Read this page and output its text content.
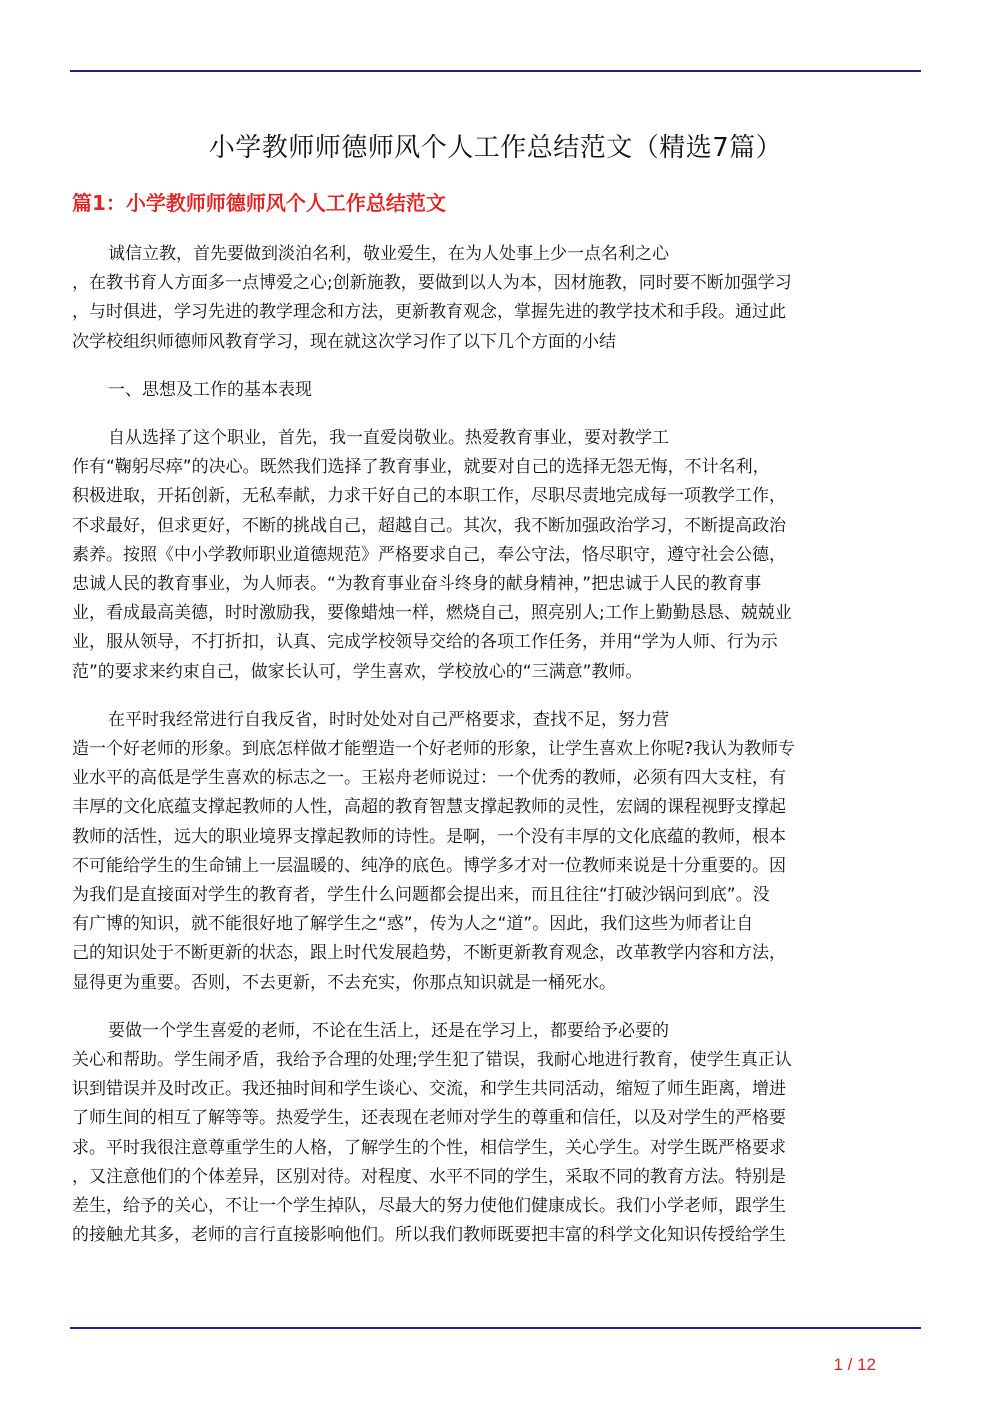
小学教师师德师风个人工作总结范文（精选7篇）
篇1：小学教师师德师风个人工作总结范文

诚信立教，首先要做到淡泊名利，敬业爱生，在为人处事上少一点名利之心
，在教书育人方面多一点博爱之心;创新施教，要做到以人为本，因材施教，同时要不断加强学习
，与时俱进，学习先进的教学理念和方法，更新教育观念，掌握先进的教学技术和手段。通过此
次学校组织师德师风教育学习，现在就这次学习作了以下几个方面的小结

一、思想及工作的基本表现

自从选择了这个职业，首先，我一直爱岗敬业。热爱教育事业，要对教学工
作有“鞠躬尽瘁”的决心。既然我们选择了教育事业，就要对自己的选择无怨无悔，不计名利，
积极进取，开拓创新，无私奉献，力求干好自己的本职工作，尽职尽责地完成每一项教学工作，
不求最好，但求更好，不断的挑战自己，超越自己。其次，我不断加强政治学习，不断提高政治
素养。按照《中小学教师职业道德规范》严格要求自己，奉公守法，恪尽职守，遵守社会公德，
忠诚人民的教育事业，为人师表。“为教育事业奋斗终身的献身精神，”把忠诚于人民的教育事
业，看成最高美德，时时激励我，要像蜡烛一样，燃烧自己，照亮别人;工作上勤勤恳恳、兢兢业
业，服从领导，不打折扣，认真、完成学校领导交给的各项工作任务，并用“学为人师、行为示
范”的要求来约束自己，做家长认可，学生喜欢，学校放心的“三满意”教师。

在平时我经常进行自我反省，时时处处对自己严格要求，查找不足，努力营
造一个好老师的形象。到底怎样做才能塑造一个好老师的形象，让学生喜欢上你呢?我认为教师专
业水平的高低是学生喜欢的标志之一。王崧舟老师说过：一个优秀的教师，必须有四大支柱，有
丰厚的文化底蕴支撑起教师的人性，高超的教育智慧支撑起教师的灵性，宏阔的课程视野支撑起
教师的活性，远大的职业境界支撑起教师的诗性。是啊，一个没有丰厚的文化底蕴的教师，根本
不可能给学生的生命铺上一层温暖的、纯净的底色。博学多才对一位教师来说是十分重要的。因
为我们是直接面对学生的教育者，学生什么问题都会提出来，而且往往“打破沙锅问到底”。没
有广博的知识，就不能很好地了解学生之“惑”，传为人之“道”。因此，我们这些为师者让自
己的知识处于不断更新的状态，跟上时代发展趋势，不断更新教育观念，改革教学内容和方法，
显得更为重要。否则，不去更新，不去充实，你那点知识就是一桶死水。

要做一个学生喜爱的老师，不论在生活上，还是在学习上，都要给予必要的
关心和帮助。学生闹矛盾，我给予合理的处理;学生犯了错误，我耐心地进行教育，使学生真正认
识到错误并及时改正。我还抽时间和学生谈心、交流，和学生共同活动，缩短了师生距离，增进
了师生间的相互了解等等。热爱学生，还表现在老师对学生的尊重和信任，以及对学生的严格要
求。平时我很注意尊重学生的人格，了解学生的个性，相信学生，关心学生。对学生既严格要求
，又注意他们的个体差异，区别对待。对程度、水平不同的学生，采取不同的教育方法。特别是
差生，给予的关心，不让一个学生掉队，尽最大的努力使他们健康成长。我们小学老师，跟学生
的接触尤其多，老师的言行直接影响他们。所以我们教师既要把丰富的科学文化知识传授给学生

1 / 12
